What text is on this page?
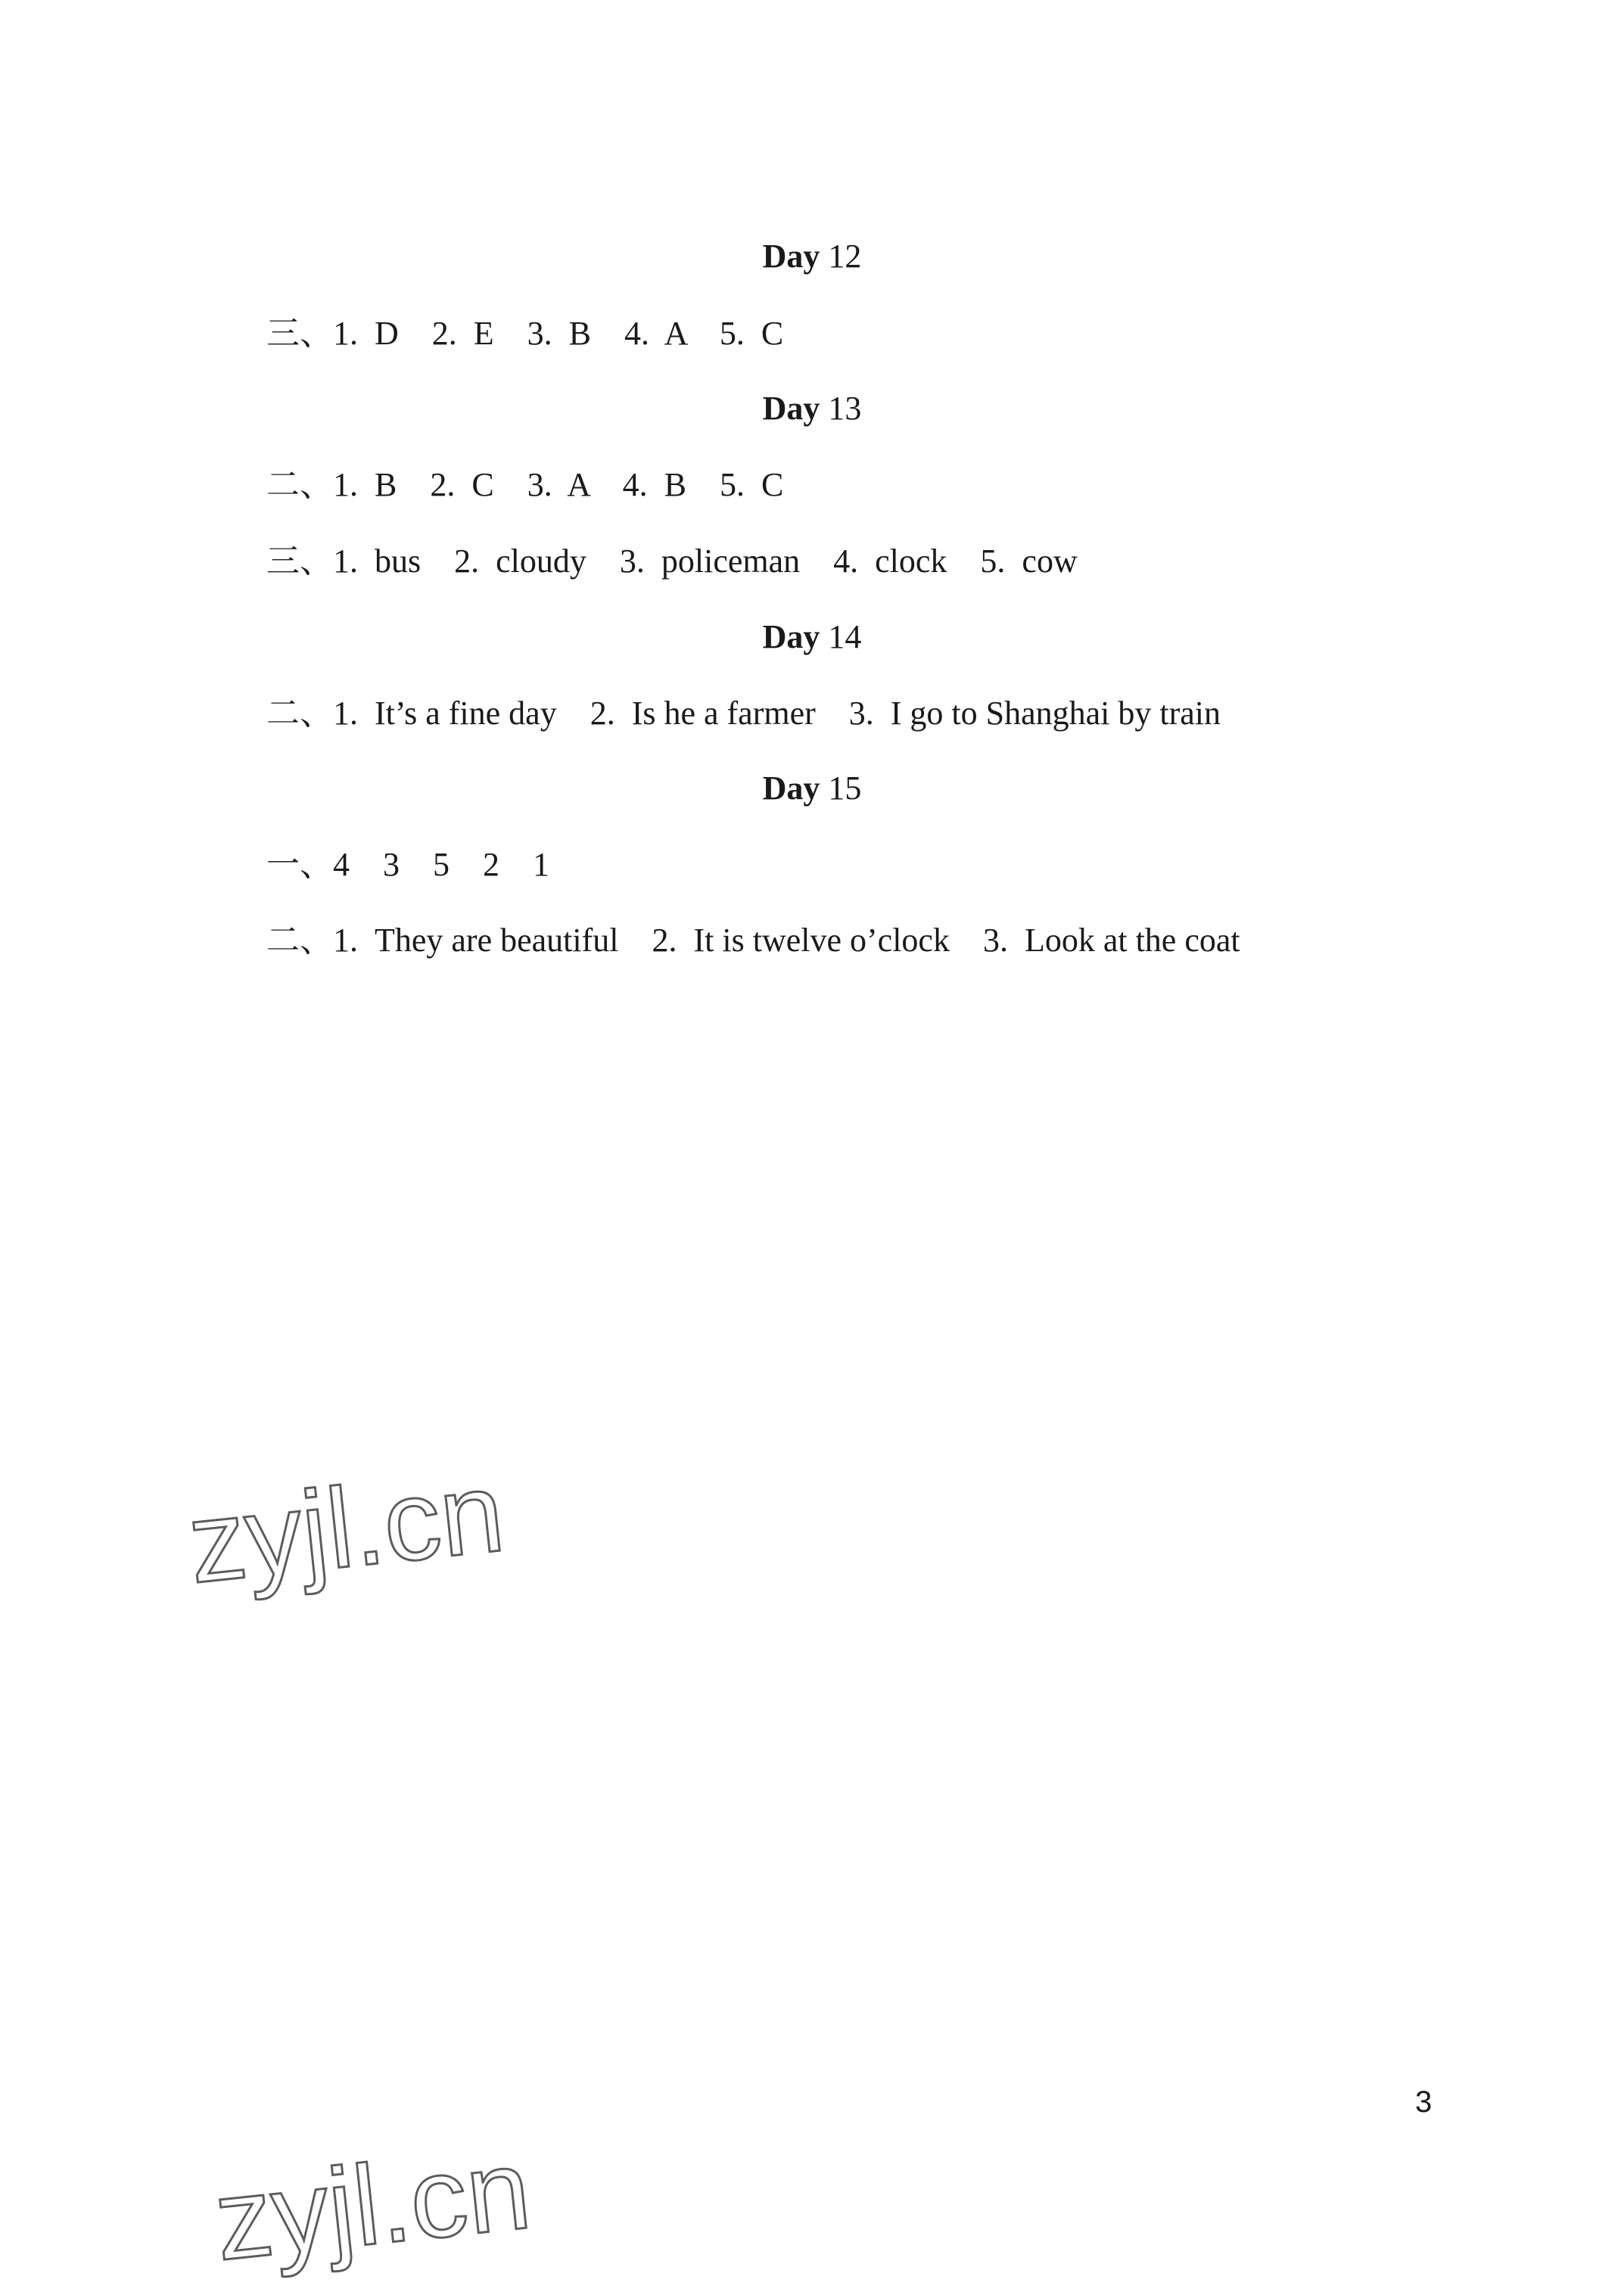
Day 12
三、1.  D    2.  E    3.  B    4.  A    5.  C
Day 13
二、1.  B    2.  C    3.  A    4.  B    5.  C
三、1.  bus    2.  cloudy    3.  policeman    4.  clock    5.  cow
Day 14
二、1.  It’s a fine day    2.  Is he a farmer    3.  I go to Shanghai by train
Day 15
一、4    3    5    2    1
二、1.  They are beautiful    2.  It is twelve o’clock    3.  Look at the coat
zyjl.cn
zyjl.cn
3
